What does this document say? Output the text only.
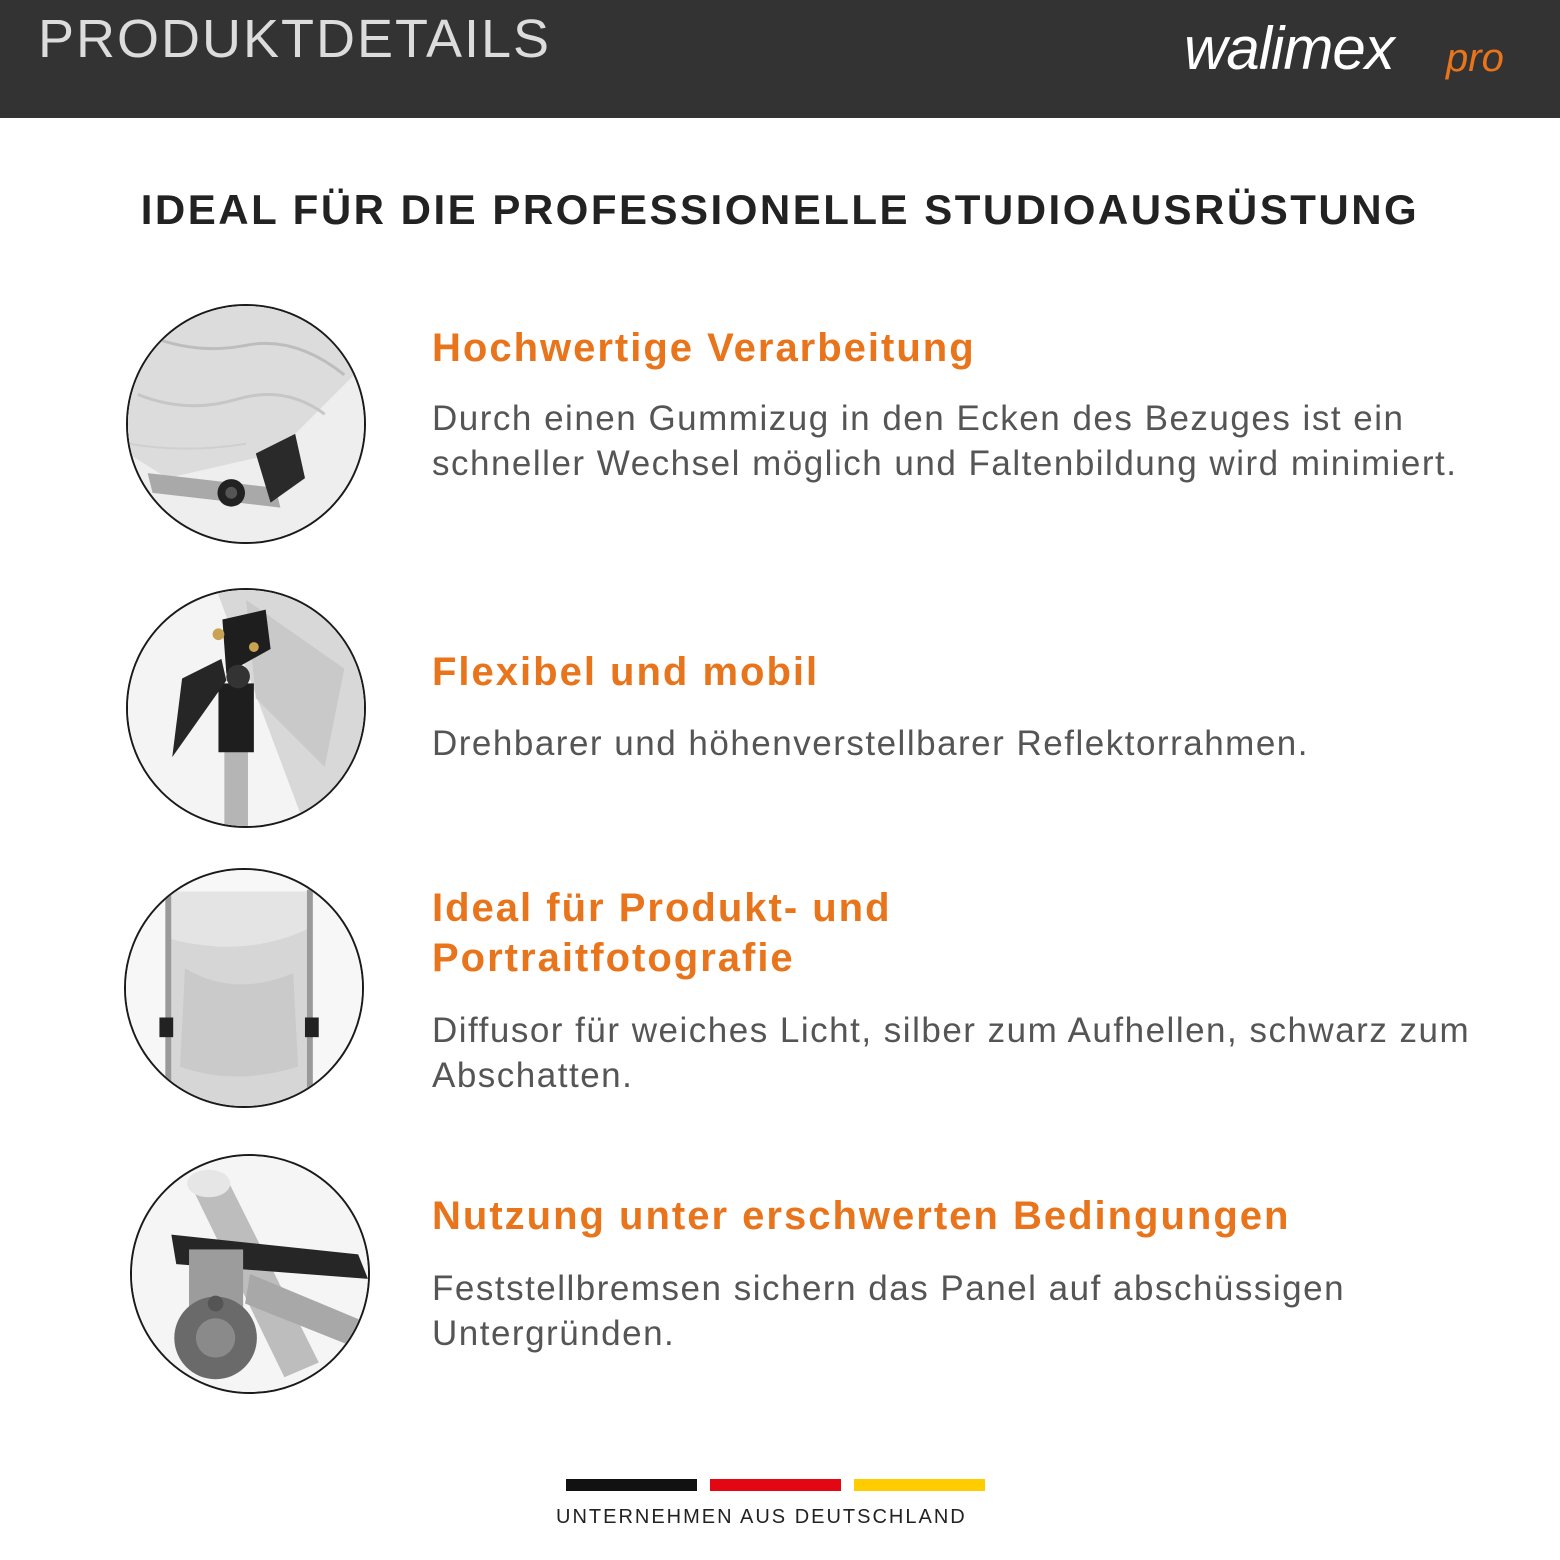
PRODUKTDETAILS	walimex pro
IDEAL FÜR DIE PROFESSIONELLE STUDIOAUSRÜSTUNG
Hochwertige Verarbeitung
Durch einen Gummizug in den Ecken des Bezuges ist ein schneller Wechsel möglich und Faltenbildung wird minimiert.
Flexibel und mobil
Drehbarer und höhenverstellbarer Reflektorrahmen.
Ideal für Produkt- und
Portraitfotografie
Diffusor für weiches Licht, silber zum Aufhellen, schwarz zum Abschatten.
Nutzung unter erschwerten Bedingungen
Feststellbremsen sichern das Panel auf abschüssigen Untergründen.
UNTERNEHMEN AUS DEUTSCHLAND
